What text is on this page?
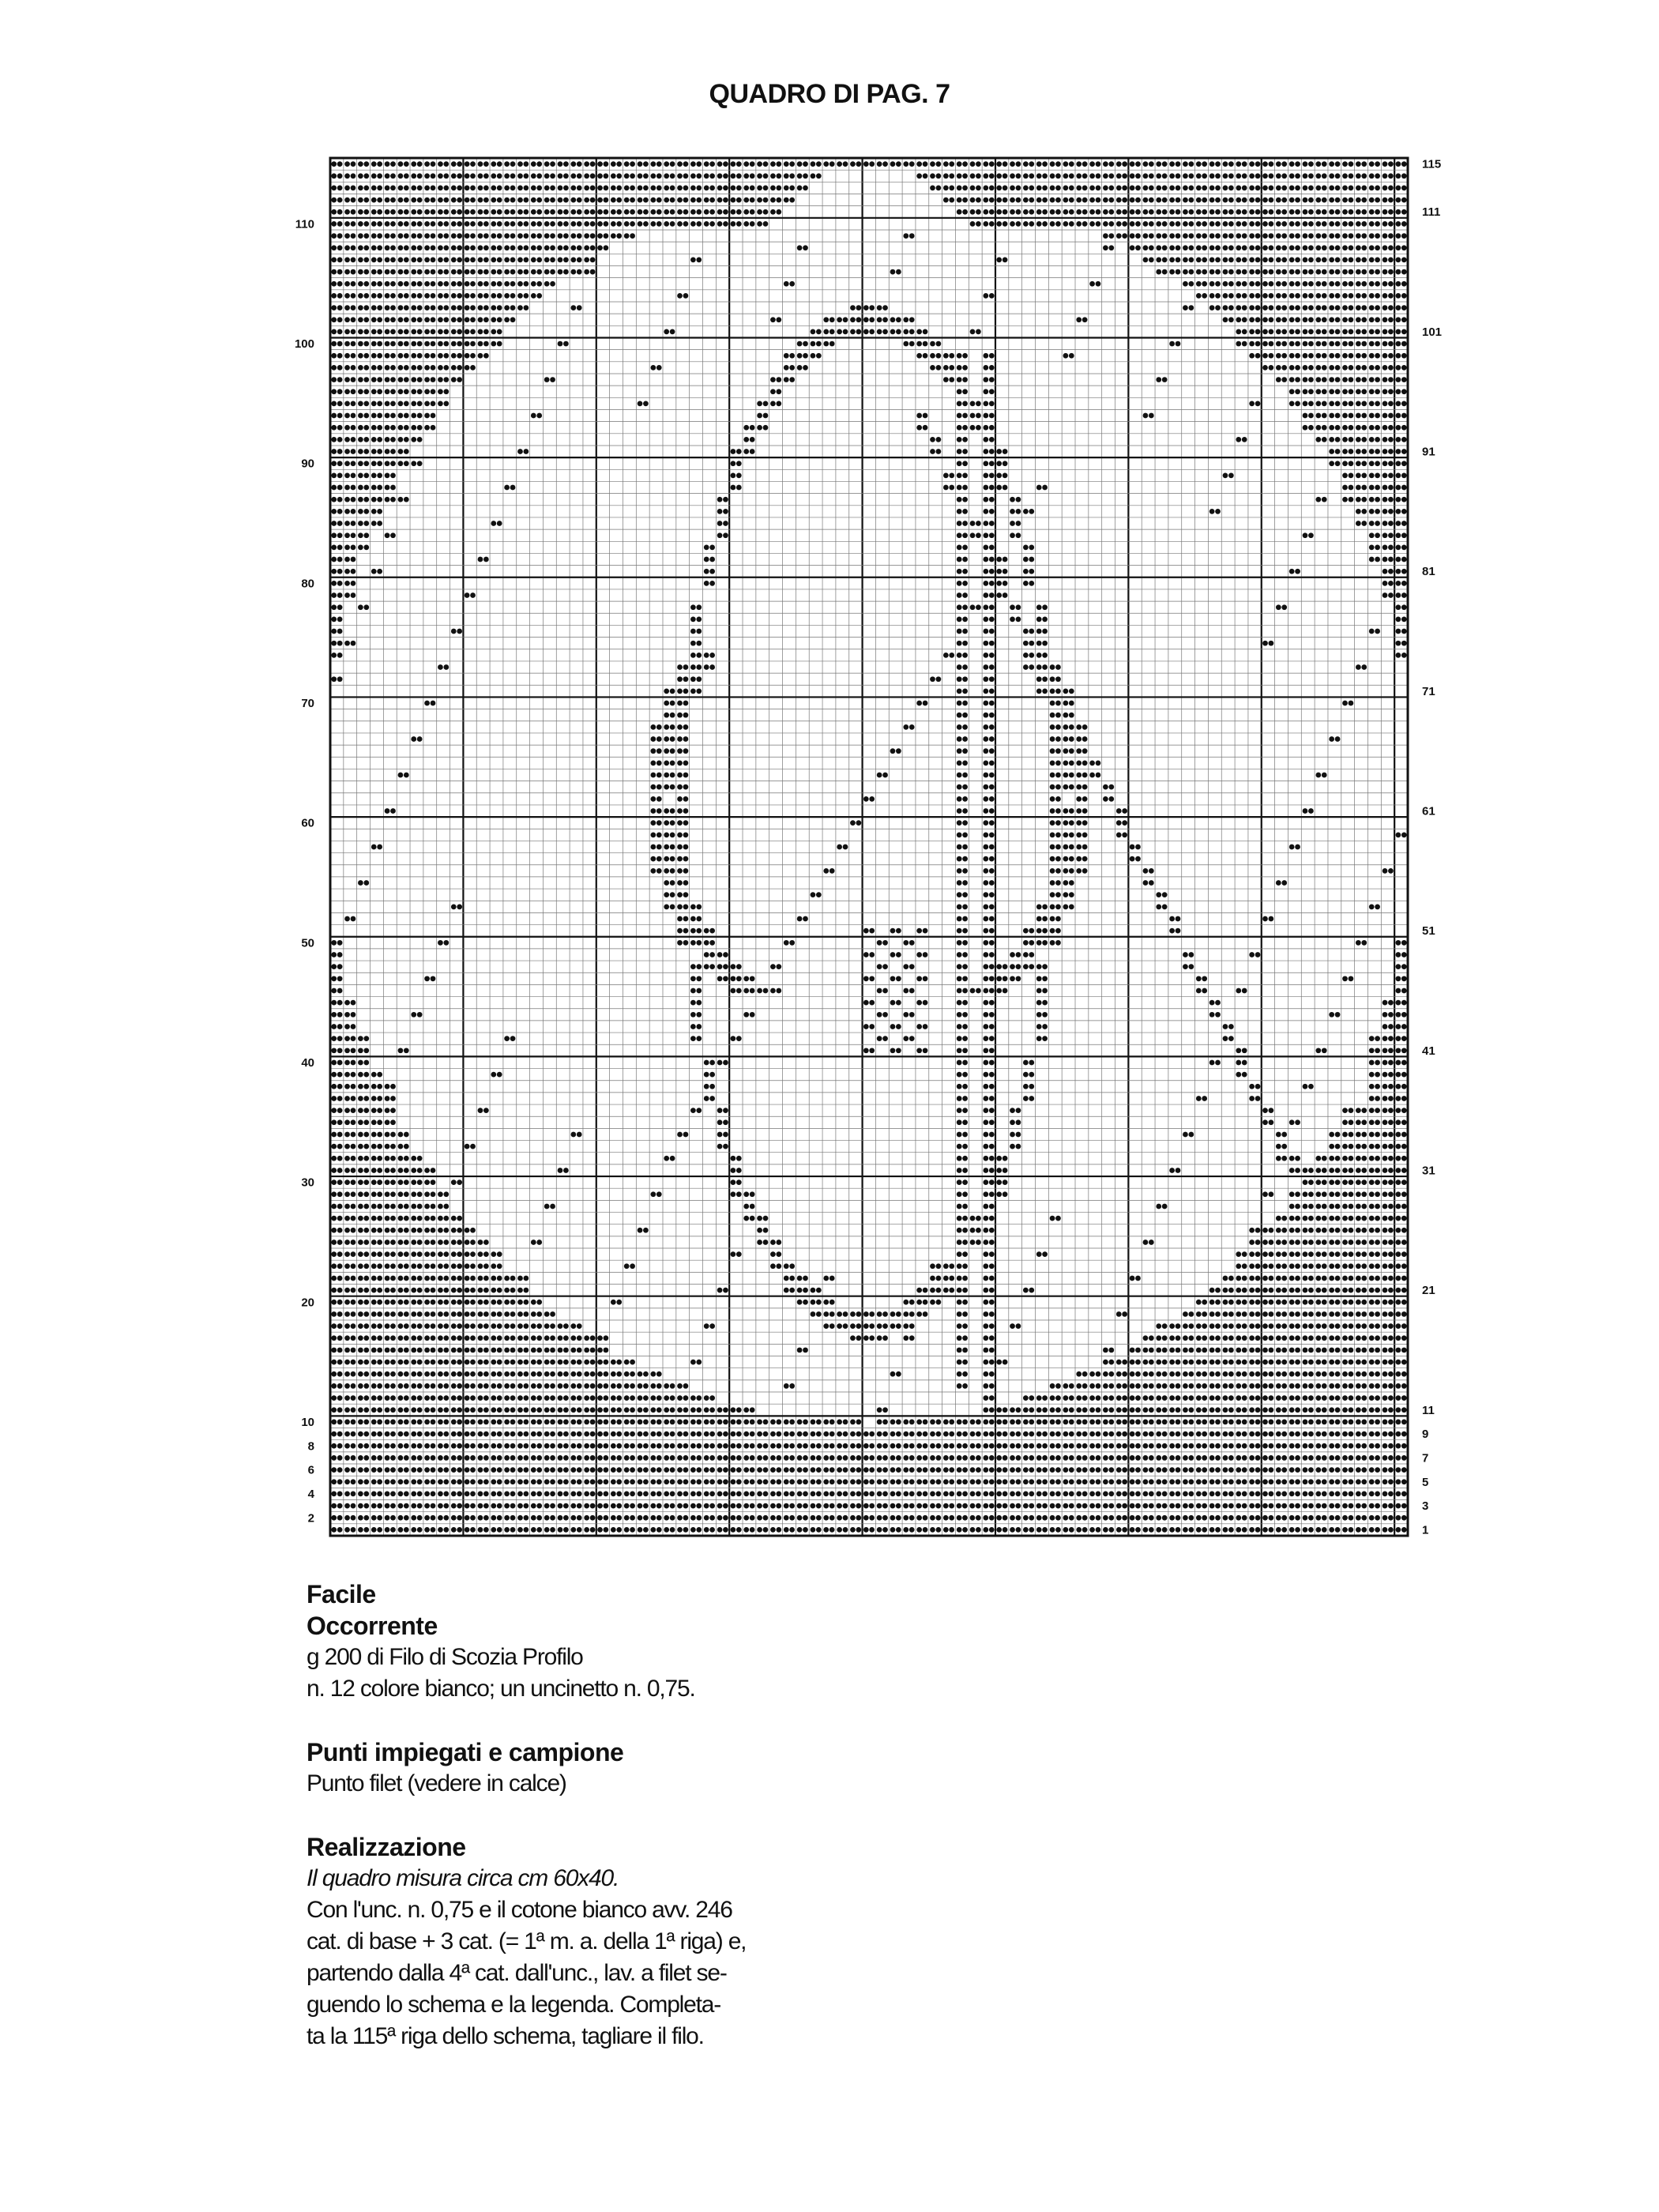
QUADRO DI PAG. 7
110
100
90
80
70
60
50
40
30
20
10
8
6
4
2
115
111
101
91
81
71
61
51
41
31
21
11
9
7
5
3
1
Facile
Occorrente
g 200 di Filo di Scozia Profilo
n. 12 colore bianco; un uncinetto n. 0,75.
Punti impiegati e campione
Punto filet (vedere in calce)
Realizzazione
Il quadro misura circa cm 60x40.
Con l'unc. n. 0,75 e il cotone bianco avv. 246
cat. di base + 3 cat. (= 1ª m. a. della 1ª riga) e,
partendo dalla 4ª cat. dall'unc., lav. a filet se-
guendo lo schema e la legenda. Completa-
ta la 115ª riga dello schema, tagliare il filo.
